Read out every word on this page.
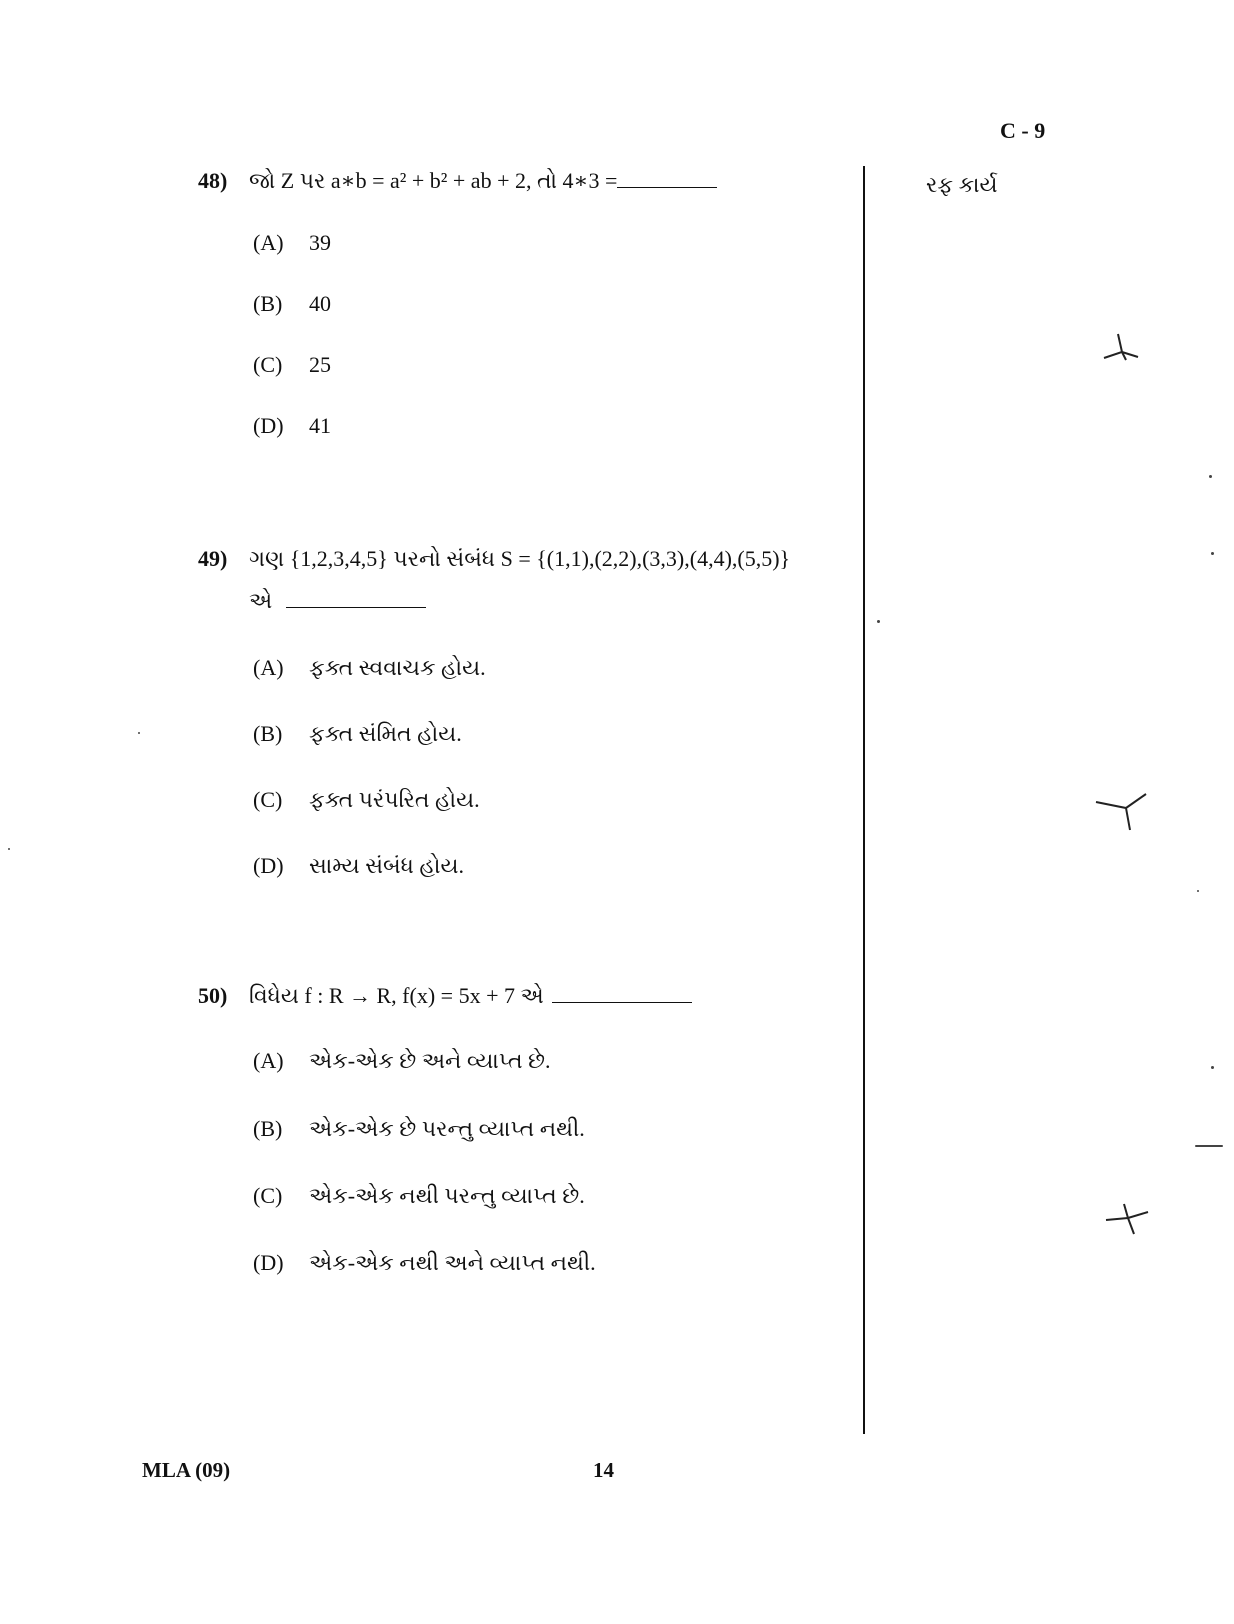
C - 9
રફ કાર્ય
48) જો Z પર a∗b = a² + b² + ab + 2, તો 4∗3 =
(A) 39
(B) 40
(C) 25
(D) 41
49) ગણ {1,2,3,4,5} પરનો સંબંધ S = {(1,1),(2,2),(3,3),(4,4),(5,5)}
એ
(A) ફક્ત સ્વવાચક હોય.
(B) ફક્ત સંમિત હોય.
(C) ફક્ત પરંપરિત હોય.
(D) સામ્ય સંબંધ હોય.
50) વિધેય f : R → R, f(x) = 5x + 7 એ
(A) એક-એક છે અને વ્યાપ્ત છે.
(B) એક-એક છે પરન્તુ વ્યાપ્ત નથી.
(C) એક-એક નથી પરન્તુ વ્યાપ્ત છે.
(D) એક-એક નથી અને વ્યાપ્ત નથી.
MLA (09)	14
